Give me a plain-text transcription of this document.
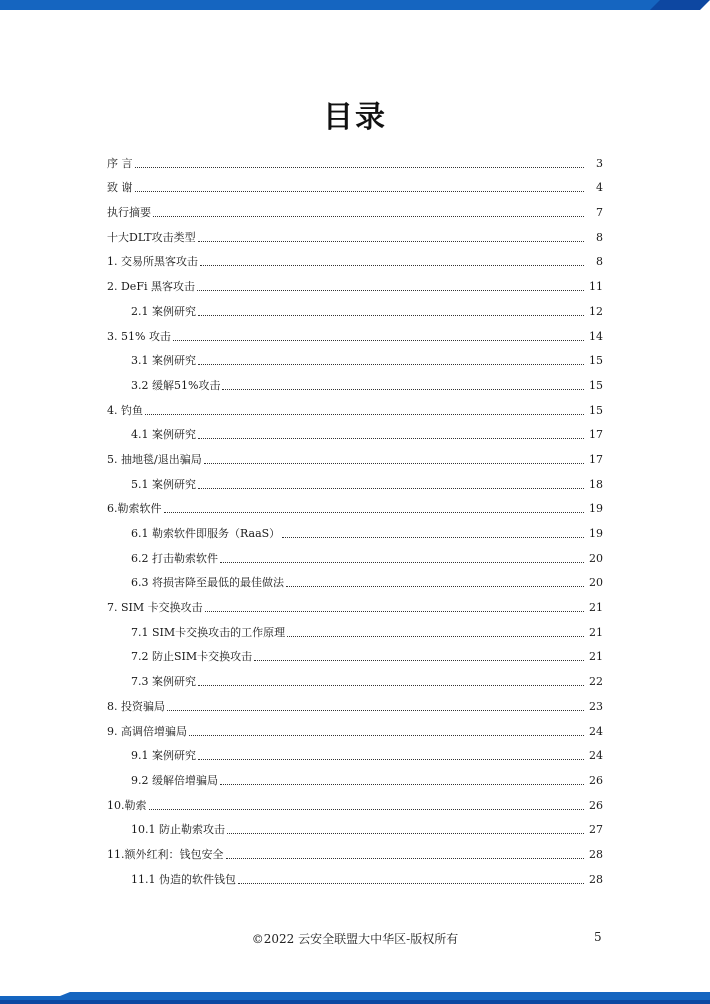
目录
序 言	3
致 谢	4
执行摘要	7
十大DLT攻击类型	8
1. 交易所黑客攻击	8
2. DeFi 黑客攻击	11
2.1 案例研究	12
3. 51% 攻击	14
3.1 案例研究	15
3.2 缓解51%攻击	15
4. 钓鱼	15
4.1 案例研究	17
5. 抽地毯/退出骗局	17
5.1 案例研究	18
6.勒索软件	19
6.1 勒索软件即服务（RaaS）	19
6.2 打击勒索软件	20
6.3 将损害降至最低的最佳做法	20
7. SIM 卡交换攻击	21
7.1 SIM卡交换攻击的工作原理	21
7.2 防止SIM卡交换攻击	21
7.3 案例研究	22
8. 投资骗局	23
9. 高调倍增骗局	24
9.1 案例研究	24
9.2 缓解倍增骗局	26
10.勒索	26
10.1 防止勒索攻击	27
11.额外红利：钱包安全	28
11.1 伪造的软件钱包	28
©2022 云安全联盟大中华区-版权所有	5
